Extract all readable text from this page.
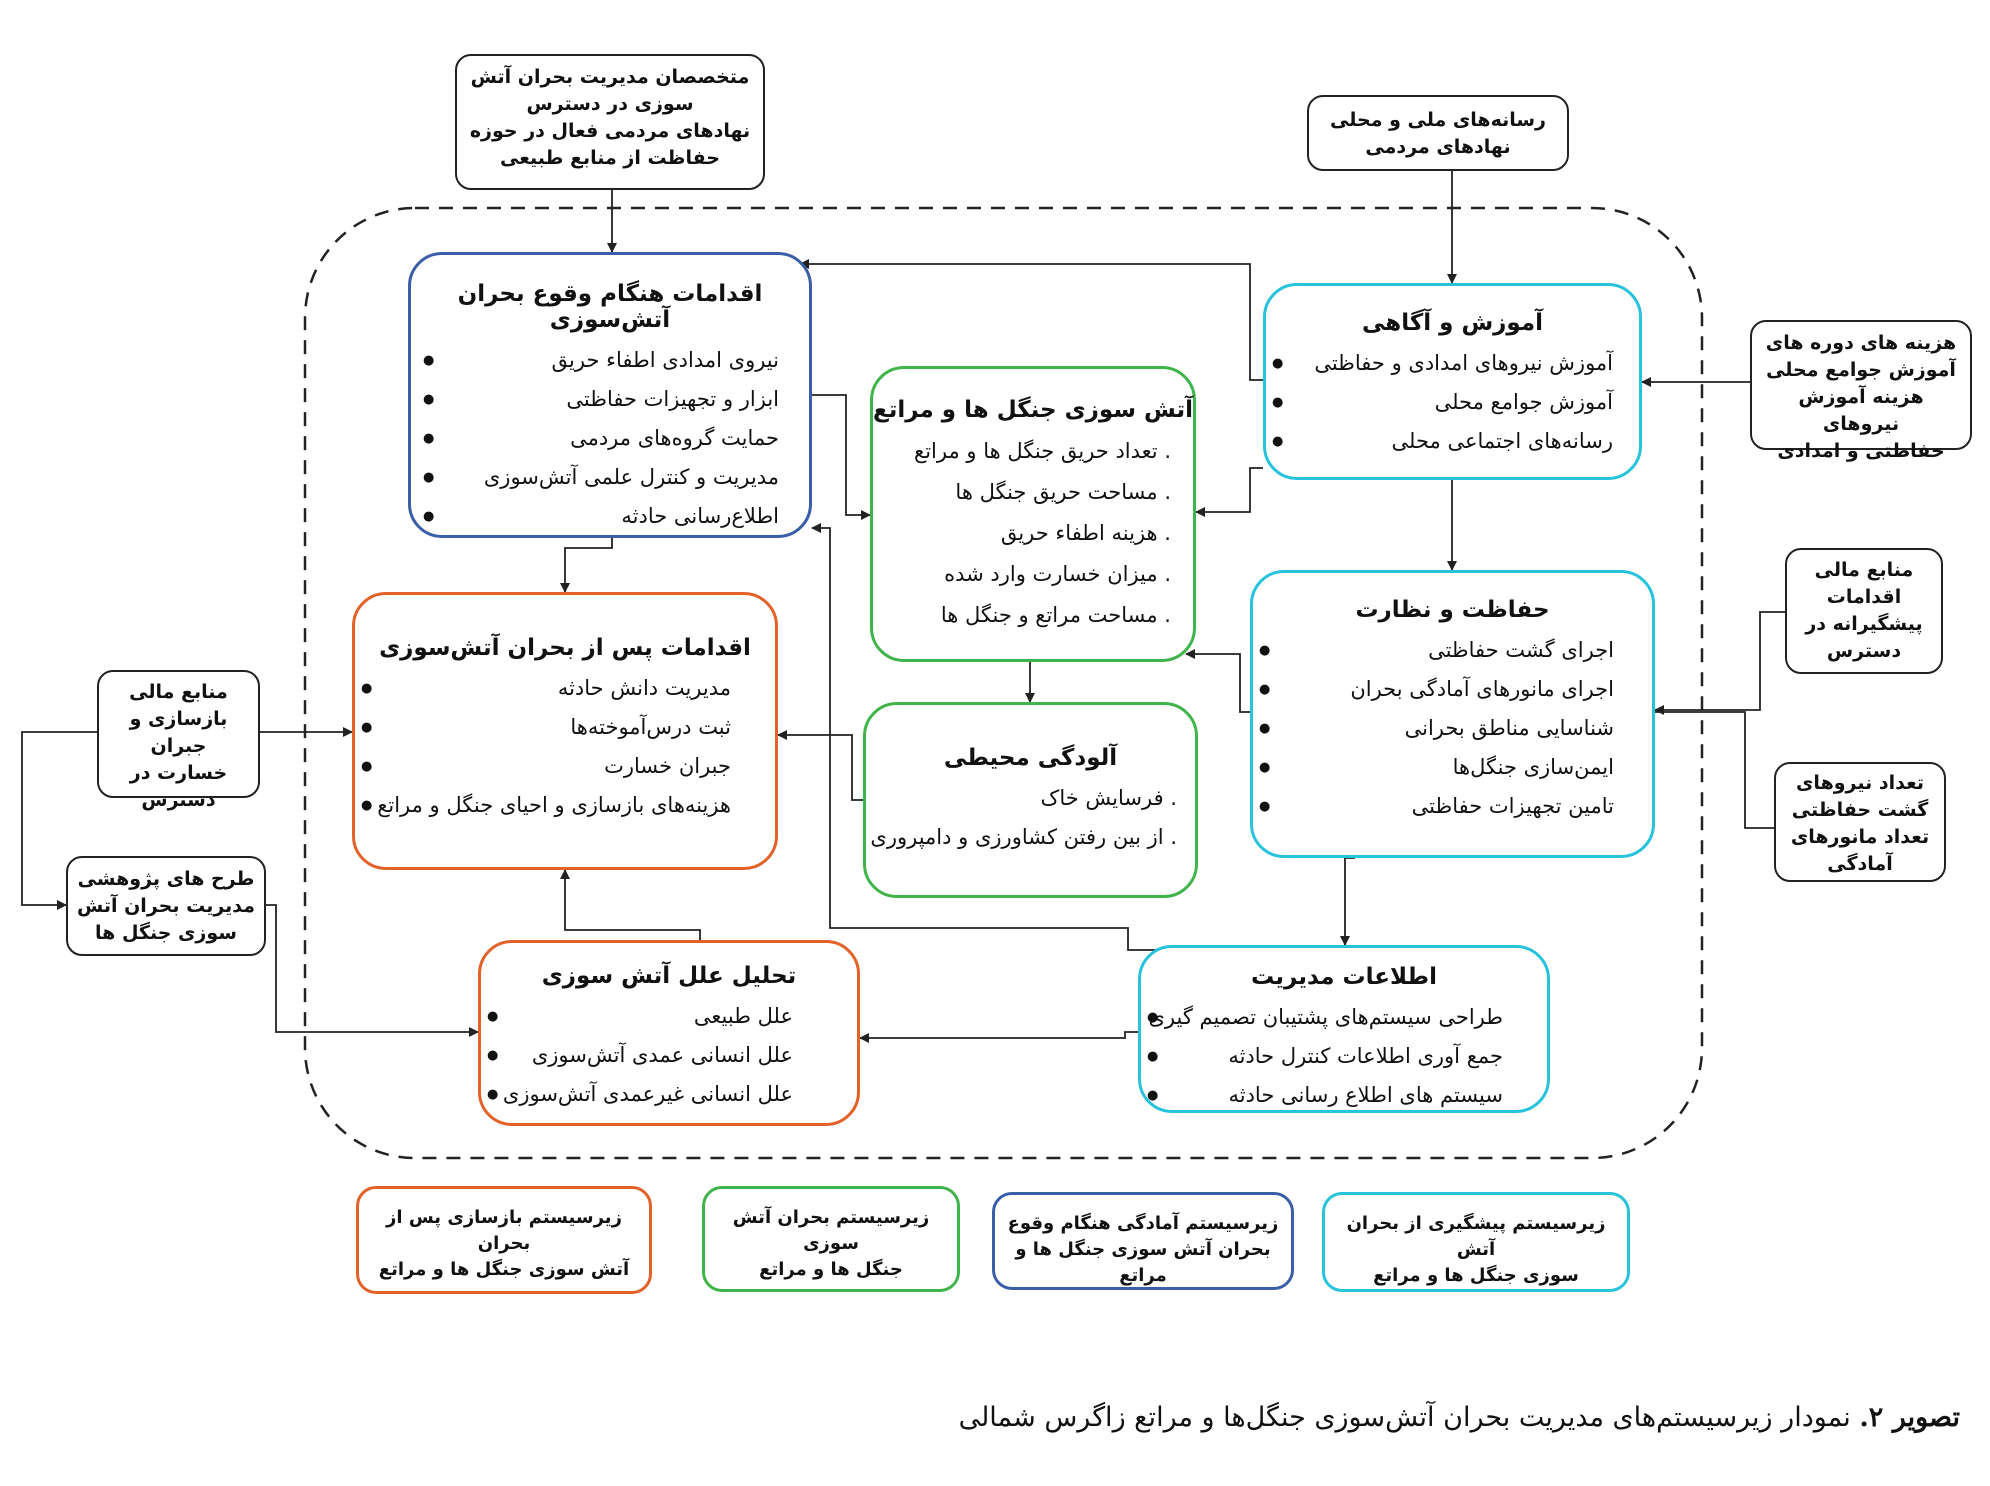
متخصصان مدیریت بحران آتش
سوزی در دسترس
نهادهای مردمی فعال در حوزه
حفاظت از منابع طبیعی
رسانه‌های ملی و محلی
نهادهای مردمی
هزینه های دوره های
آموزش جوامع محلی
هزینه آموزش نیروهای
حفاظتی و امدادی
منابع مالی
اقدامات
پیشگیرانه در
دسترس
تعداد نیروهای
گشت حفاظتی
تعداد مانورهای
آمادگی
منابع مالی
بازسازی و جبران
خسارت در
دسترس
طرح های پژوهشی
مدیریت بحران آتش
سوزی جنگل ها
اقدامات هنگام وقوع بحران آتش‌سوزی
نیروی امدادی اطفاء حریق ●
ابزار و تجهیزات حفاظتی ●
حمایت گروه‌های مردمی ●
مدیریت و کنترل علمی آتش‌سوزی ●
اطلاع‌رسانی حادثه ●
آتش سوزی جنگل ها و مراتع
. تعداد حریق جنگل ها و مراتع
. مساحت حریق جنگل ها
. هزینه اطفاء حریق
. میزان خسارت وارد شده
. مساحت مراتع و جنگل ها
آموزش و آگاهی
آموزش نیروهای امدادی و حفاظتی ●
آموزش جوامع محلی ●
رسانه‌های اجتماعی محلی ●
حفاظت و نظارت
اجرای گشت حفاظتی ●
اجرای مانورهای آمادگی بحران ●
شناسایی مناطق بحرانی ●
ایمن‌سازی جنگل‌ها ●
تامین تجهیزات حفاظتی ●
اقدامات پس از بحران آتش‌سوزی
مدیریت دانش حادثه ●
ثبت درس‌آموخته‌ها ●
جبران خسارت ●
هزینه‌های بازسازی و احیای جنگل و مراتع ●
آلودگی محیطی
. فرسایش خاک
. از بین رفتن کشاورزی و دامپروری
تحلیل علل آتش سوزی
علل طبیعی ●
علل انسانی عمدی آتش‌سوزی ●
علل انسانی غیرعمدی آتش‌سوزی ●
اطلاعات مدیریت
طراحی سیستم‌های پشتیبان تصمیم گیری ●
جمع آوری اطلاعات کنترل حادثه ●
سیستم های اطلاع رسانی حادثه ●
زیرسیستم بازسازی پس از بحران
آتش سوزی جنگل ها و مراتع
زیرسیستم بحران آتش سوزی
جنگل ها و مراتع
زیرسیستم آمادگی هنگام وقوع
بحران آتش سوزی جنگل ها و مراتع
زیرسیستم پیشگیری از بحران آتش
سوزی جنگل ها و مراتع
تصویر ۲. نمودار زیرسیستم‌های مدیریت بحران آتش‌سوزی جنگل‌ها و مراتع زاگرس شمالی
